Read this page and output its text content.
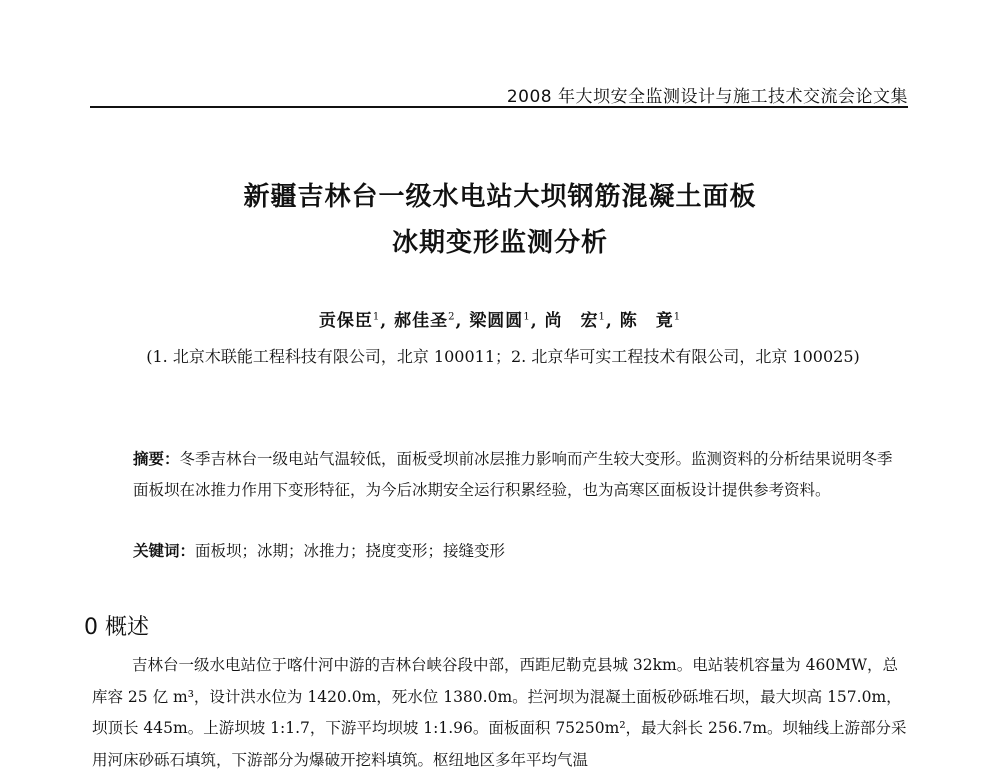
2008 年大坝安全监测设计与施工技术交流会论文集
新疆吉林台一级水电站大坝钢筋混凝土面板
冰期变形监测分析
贡保臣$^1$, 郝佳圣$^2$, 梁圆圆$^1$, 尚　宏$^1$, 陈　竟$^1$
(1. 北京木联能工程科技有限公司，北京 100011；2. 北京华可实工程技术有限公司，北京 100025)
摘要：冬季吉林台一级电站气温较低，面板受坝前冰层推力影响而产生较大变形。监测资料的分析结果说明冬季面板坝在冰推力作用下变形特征，为今后冰期安全运行积累经验，也为高寒区面板设计提供参考资料。
关键词：面板坝；冰期；冰推力；挠度变形；接缝变形
0 概述
吉林台一级水电站位于喀什河中游的吉林台峡谷段中部，西距尼勒克县城 32km。电站装机容量为 460MW，总库容 25 亿 m³，设计洪水位为 1420.0m，死水位 1380.0m。拦河坝为混凝土面板砂砾堆石坝，最大坝高 157.0m，坝顶长 445m。上游坝坡 1:1.7，下游平均坝坡 1:1.96。面板面积 75250m²，最大斜长 256.7m。坝轴线上游部分采用河床砂砾石填筑，下游部分为爆破开挖料填筑。枢纽地区多年平均气温
